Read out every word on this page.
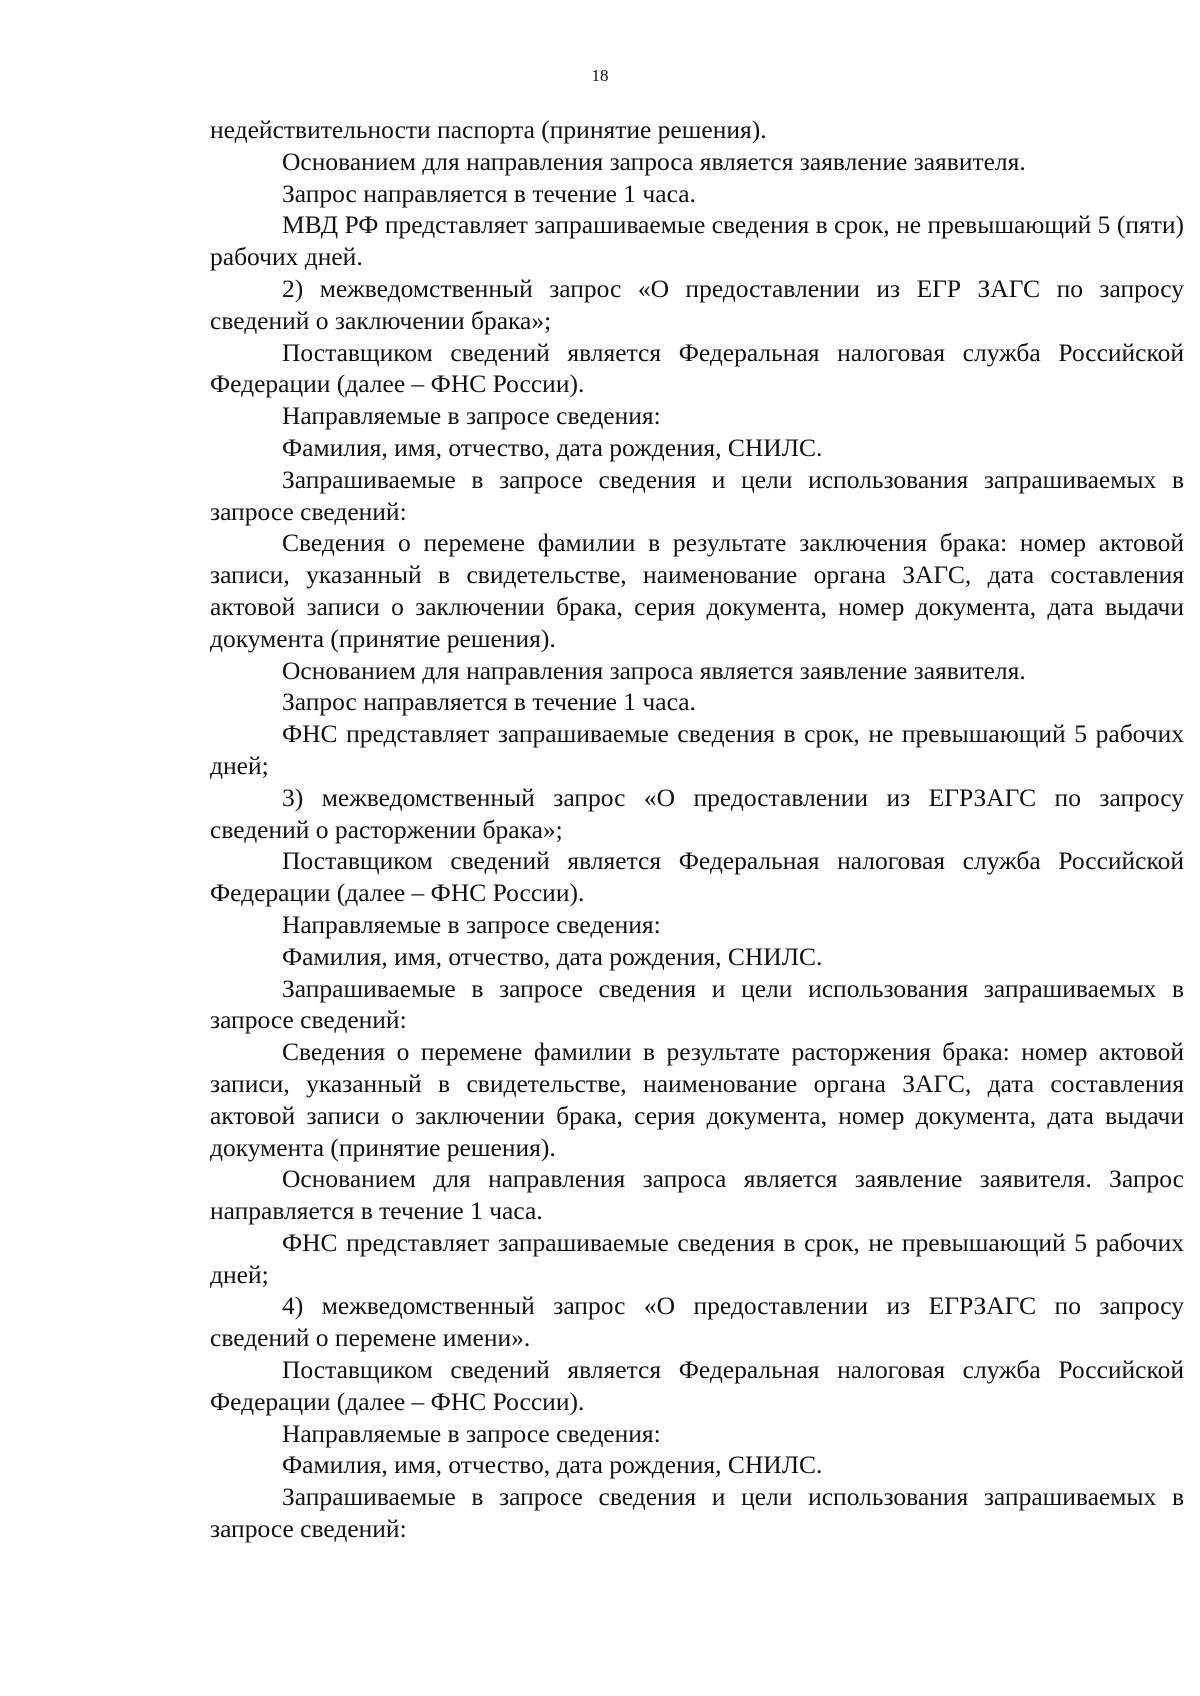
18

недействительности паспорта (принятие решения).

Основанием для направления запроса является заявление заявителя.

Запрос направляется в течение 1 часа.

МВД РФ представляет запрашиваемые сведения в срок, не превышающий 5 (пяти) рабочих дней.

2) межведомственный запрос «О предоставлении из ЕГР ЗАГС по запросу сведений о заключении брака»;

Поставщиком сведений является Федеральная налоговая служба Российской Федерации (далее – ФНС России).

Направляемые в запросе сведения:

Фамилия, имя, отчество, дата рождения, СНИЛС.

Запрашиваемые в запросе сведения и цели использования запрашиваемых в запросе сведений:

Сведения о перемене фамилии в результате заключения брака: номер актовой записи, указанный в свидетельстве, наименование органа ЗАГС, дата составления актовой записи о заключении брака, серия документа, номер документа, дата выдачи документа (принятие решения).

Основанием для направления запроса является заявление заявителя.

Запрос направляется в течение 1 часа.

ФНС представляет запрашиваемые сведения в срок, не превышающий 5 рабочих дней;

3) межведомственный запрос «О предоставлении из ЕГРЗАГС по запросу сведений о расторжении брака»;

Поставщиком сведений является Федеральная налоговая служба Российской Федерации (далее – ФНС России).

Направляемые в запросе сведения:

Фамилия, имя, отчество, дата рождения, СНИЛС.

Запрашиваемые в запросе сведения и цели использования запрашиваемых в запросе сведений:

Сведения о перемене фамилии в результате расторжения брака: номер актовой записи, указанный в свидетельстве, наименование органа ЗАГС, дата составления актовой записи о заключении брака, серия документа, номер документа, дата выдачи документа (принятие решения).

Основанием для направления запроса является заявление заявителя. Запрос направляется в течение 1 часа.

ФНС представляет запрашиваемые сведения в срок, не превышающий 5 рабочих дней;

4) межведомственный запрос «О предоставлении из ЕГРЗАГС по запросу сведений о перемене имени».

Поставщиком сведений является Федеральная налоговая служба Российской Федерации (далее – ФНС России).

Направляемые в запросе сведения:

Фамилия, имя, отчество, дата рождения, СНИЛС.

Запрашиваемые в запросе сведения и цели использования запрашиваемых в запросе сведений:
